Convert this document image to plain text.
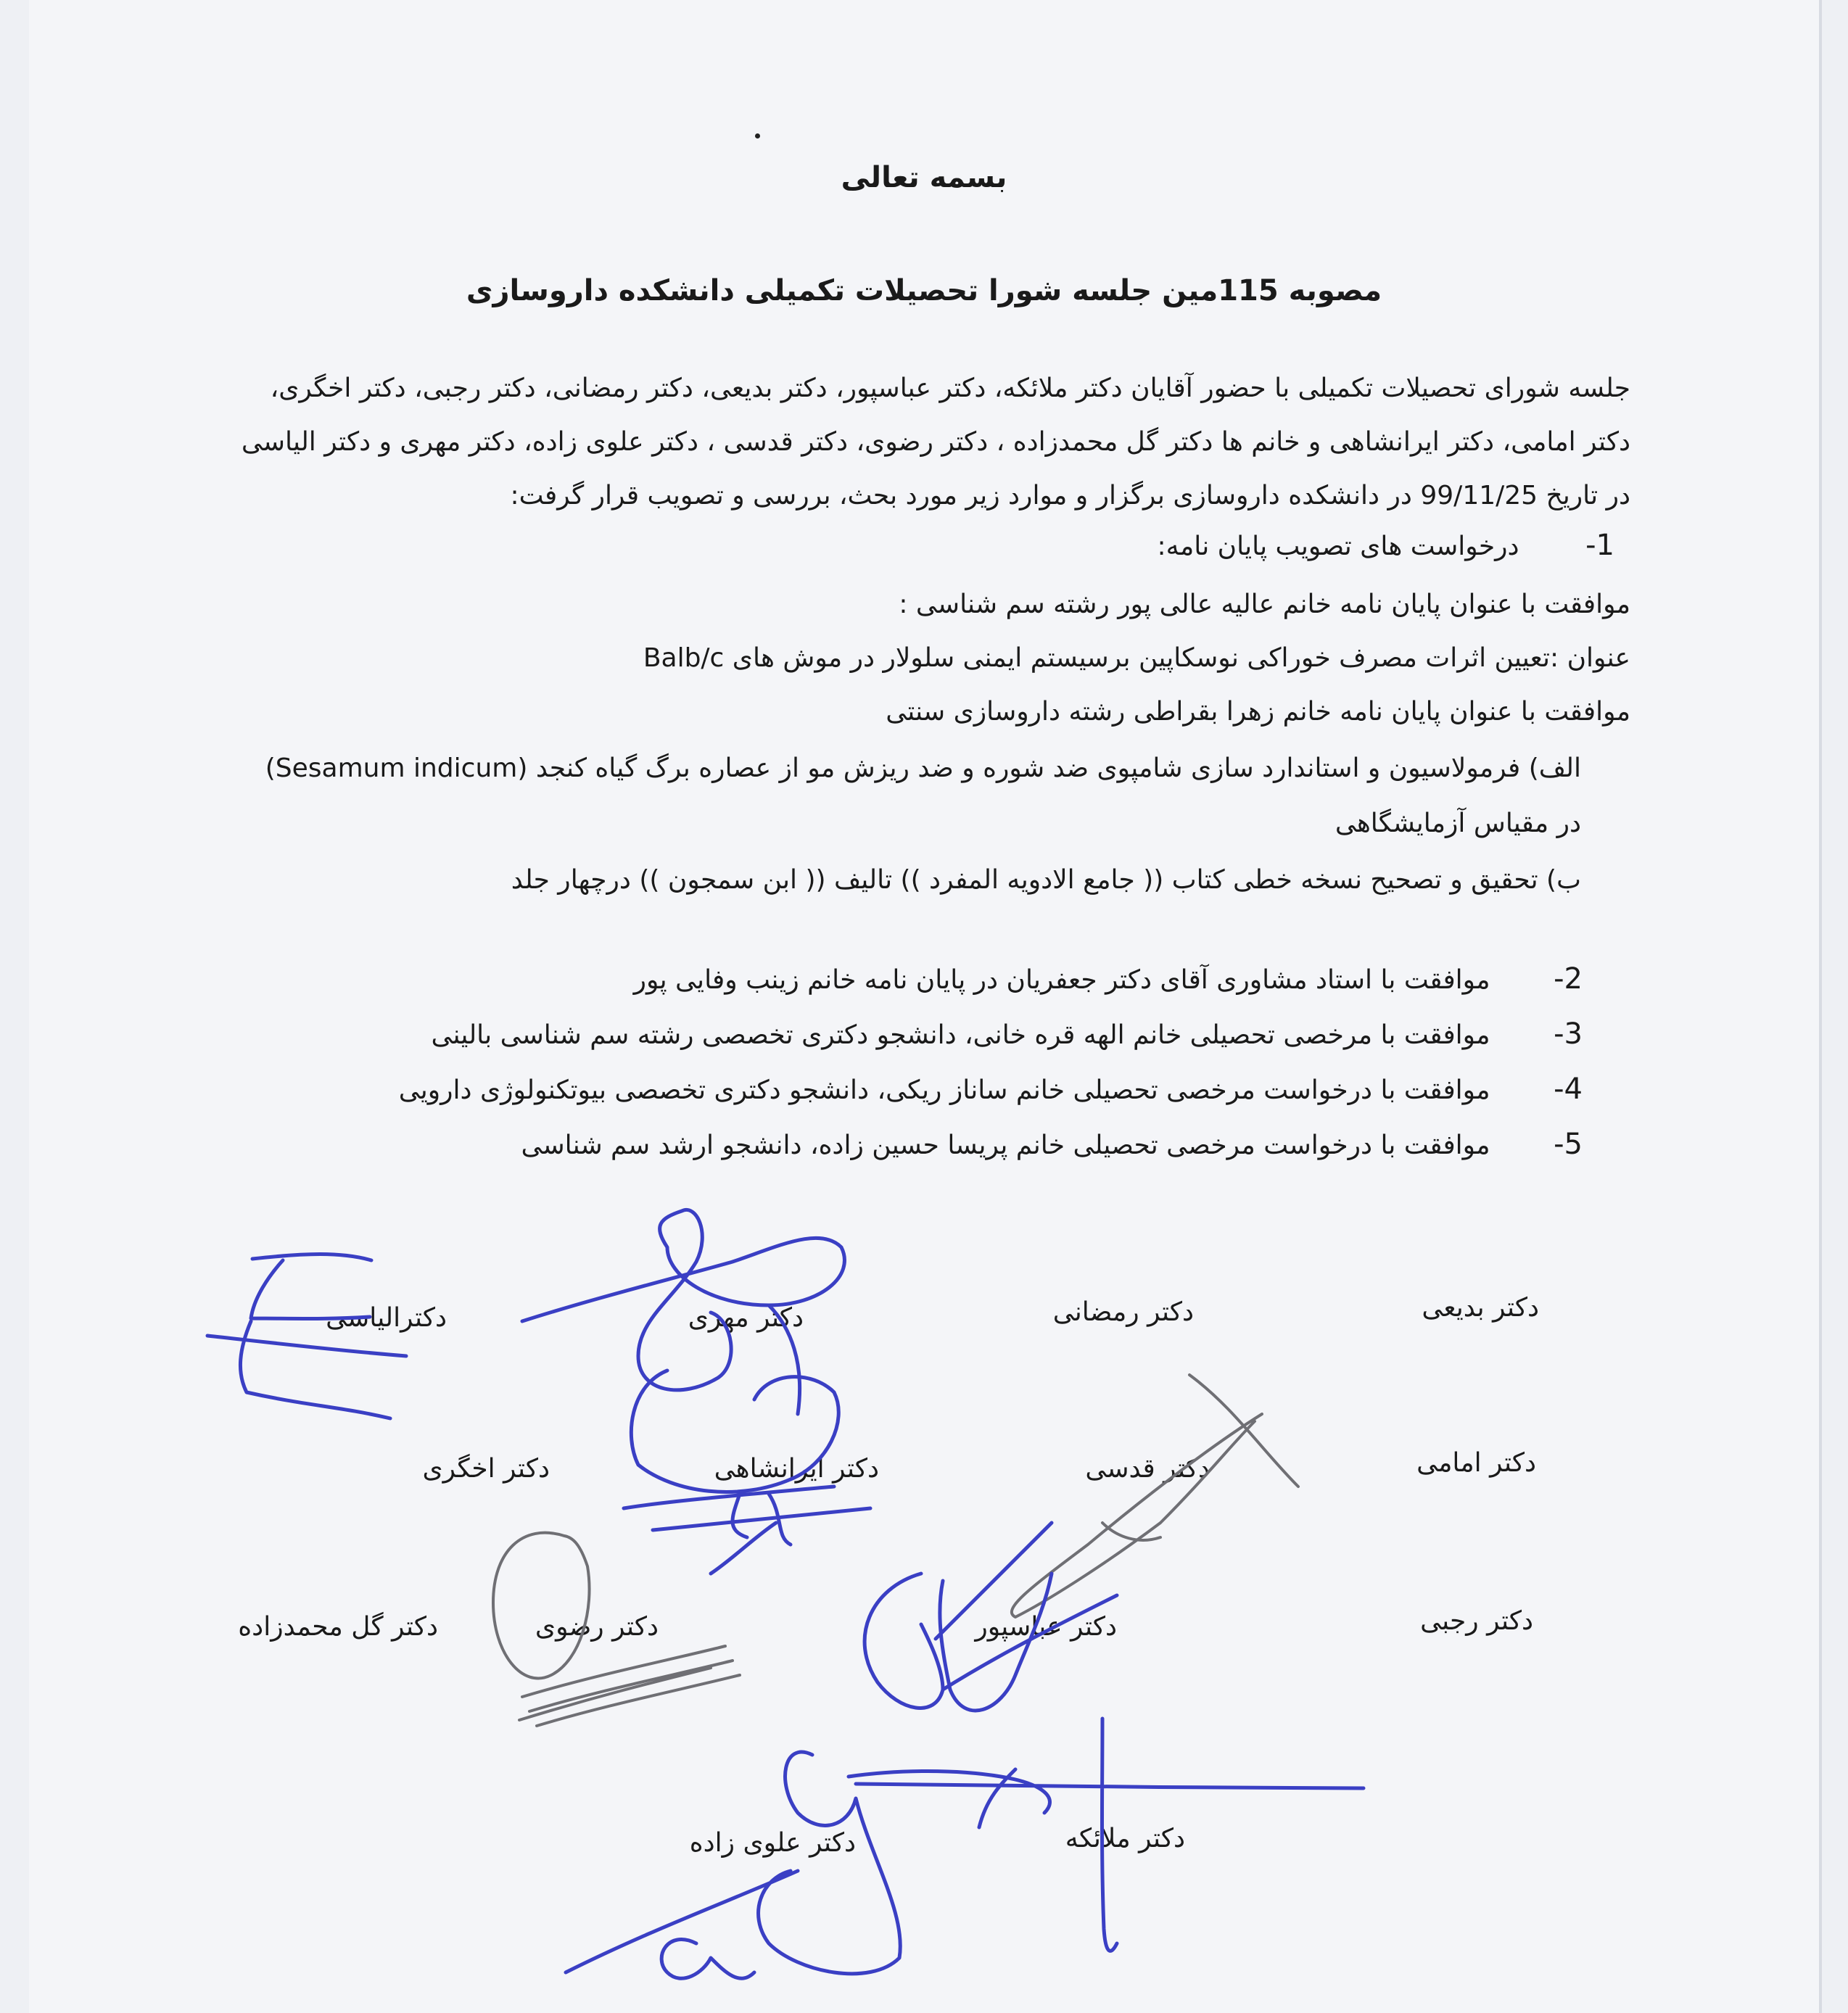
بسمه تعالی
مصوبه 115مین جلسه شورا تحصیلات تکمیلی دانشکده داروسازی
جلسه شورای تحصیلات تکمیلی با حضور آقایان دکتر ملائکه، دکتر عباسپور، دکتر بدیعی، دکتر رمضانی، دکتر رجبی، دکتر اخگری،
دکتر امامی، دکتر ایرانشاهی و خانم ها دکتر گل محمدزاده ، دکتر رضوی، دکتر قدسی ، دکتر علوی زاده، دکتر مهری و دکتر الیاسی
در تاریخ 99/11/25 در دانشکده داروسازی برگزار و موارد زیر مورد بحث، بررسی و تصویب قرار گرفت:
-1 درخواست های تصویب پایان نامه:
موافقت با عنوان پایان نامه خانم عالیه عالی پور رشته سم شناسی :
عنوان :تعیین اثرات مصرف خوراکی نوسکاپین برسیستم ایمنی سلولار در موش های Balb/c
موافقت با عنوان پایان نامه خانم زهرا بقراطی رشته داروسازی سنتی
الف) فرمولاسیون و استاندارد سازی شامپوی ضد شوره و ضد ریزش مو از عصاره برگ گیاه کنجد (Sesamum indicum)
در مقیاس آزمایشگاهی
ب) تحقیق و تصحیح نسخه خطی کتاب (( جامع الادویه المفرد )) تالیف (( ابن سمجون )) درچهار جلد
-2 موافقت با استاد مشاوری آقای دکتر جعفریان در پایان نامه خانم زینب وفایی پور
-3 موافقت با مرخصی تحصیلی خانم الهه قره خانی، دانشجو دکتری تخصصی رشته سم شناسی بالینی
-4 موافقت با درخواست مرخصی تحصیلی خانم ساناز ریکی، دانشجو دکتری تخصصی بیوتکنولوژی دارویی
-5 موافقت با درخواست مرخصی تحصیلی خانم پریسا حسین زاده، دانشجو ارشد سم شناسی
دکتر بدیعی
دکتر رمضانی
دکتر مهری
دکترالیاسی
دکتر امامی
دکتر قدسی
دکتر ایرانشاهی
دکتر اخگری
دکتر رجبی
دکتر عباسپور
دکتر رضوی
دکتر گل محمدزاده
دکتر ملائکه
دکتر علوی زاده
